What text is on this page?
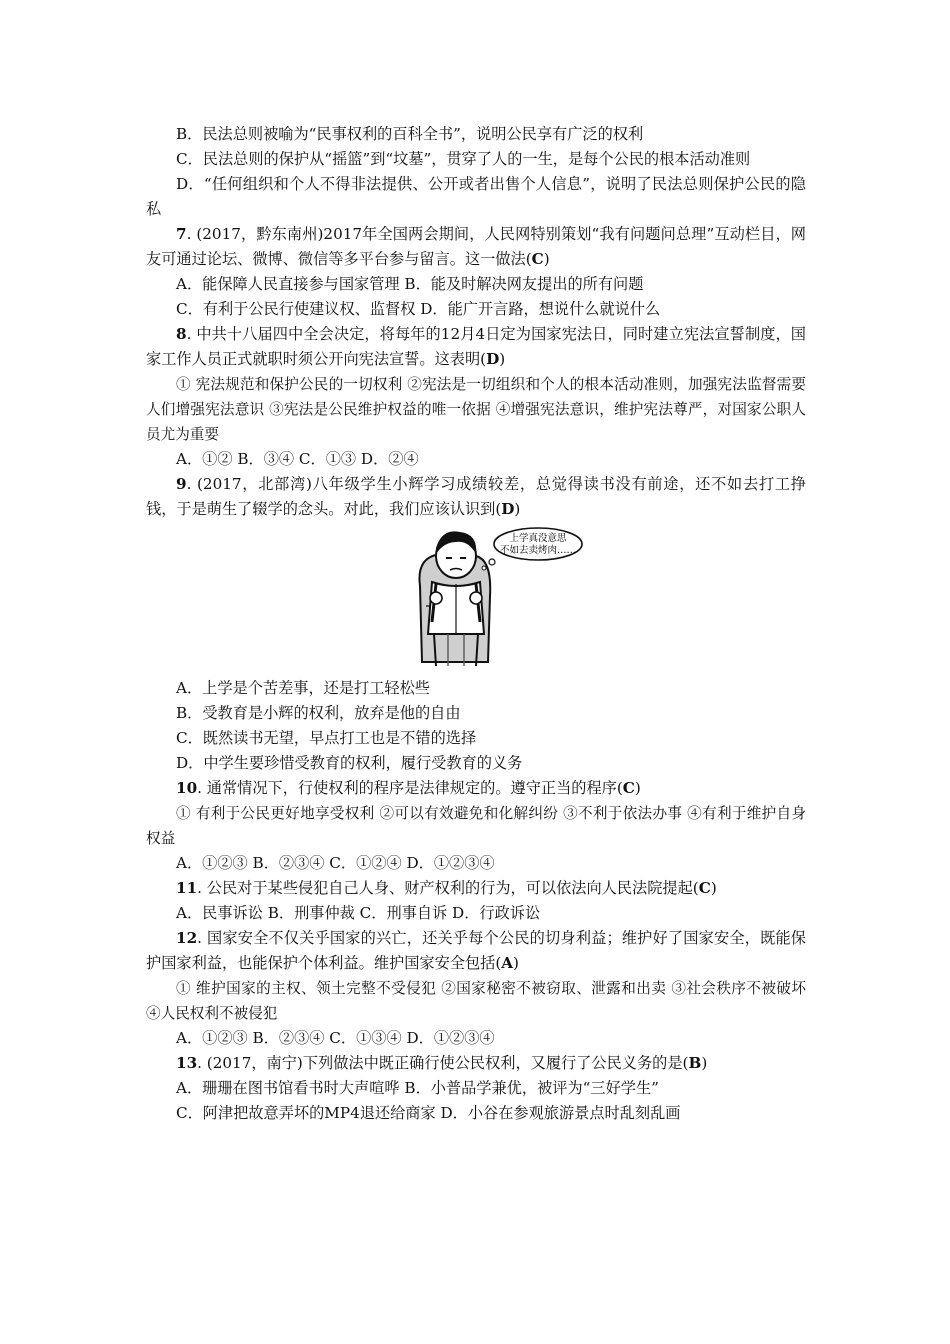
B．民法总则被喻为“民事权利的百科全书”，说明公民享有广泛的权利

C．民法总则的保护从“摇篮”到“坟墓”，贯穿了人的一生，是每个公民的根本活动准则

D．“任何组织和个人不得非法提供、公开或者出售个人信息”，说明了民法总则保护公民的隐私

7. (2017，黔东南州)2017年全国两会期间，人民网特别策划“我有问题问总理”互动栏目，网友可通过论坛、微博、微信等多平台参与留言。这一做法(C)

A．能保障人民直接参与国家管理 B．能及时解决网友提出的所有问题

C．有利于公民行使建议权、监督权 D．能广开言路，想说什么就说什么

8. 中共十八届四中全会决定，将每年的12月4日定为国家宪法日，同时建立宪法宣誓制度，国家工作人员正式就职时须公开向宪法宣誓。这表明(D)

① 宪法规范和保护公民的一切权利 ②宪法是一切组织和个人的根本活动准则，加强宪法监督需要人们增强宪法意识 ③宪法是公民维护权益的唯一依据 ④增强宪法意识，维护宪法尊严，对国家公职人员尤为重要

A．①② B．③④ C．①③ D．②④

9. (2017，北部湾)八年级学生小辉学习成绩较差，总觉得读书没有前途，还不如去打工挣钱，于是萌生了辍学的念头。对此，我们应该认识到(D)

上学真没意思
不如去卖烤肉……

A．上学是个苦差事，还是打工轻松些

B．受教育是小辉的权利，放弃是他的自由

C．既然读书无望，早点打工也是不错的选择

D．中学生要珍惜受教育的权利，履行受教育的义务

10. 通常情况下，行使权利的程序是法律规定的。遵守正当的程序(C)

① 有利于公民更好地享受权利 ②可以有效避免和化解纠纷 ③不利于依法办事 ④有利于维护自身权益

A．①②③ B．②③④ C．①②④ D．①②③④

11. 公民对于某些侵犯自己人身、财产权利的行为，可以依法向人民法院提起(C)

A．民事诉讼 B．刑事仲裁 C．刑事自诉 D．行政诉讼

12. 国家安全不仅关乎国家的兴亡，还关乎每个公民的切身利益；维护好了国家安全，既能保护国家利益，也能保护个体利益。维护国家安全包括(A)

① 维护国家的主权、领土完整不受侵犯 ②国家秘密不被窃取、泄露和出卖 ③社会秩序不被破坏 ④人民权利不被侵犯

A．①②③ B．②③④ C．①③④ D．①②③④

13. (2017，南宁)下列做法中既正确行使公民权利，又履行了公民义务的是(B)

A．珊珊在图书馆看书时大声喧哗 B．小普品学兼优，被评为“三好学生”

C．阿津把故意弄坏的MP4退还给商家 D．小谷在参观旅游景点时乱刻乱画
